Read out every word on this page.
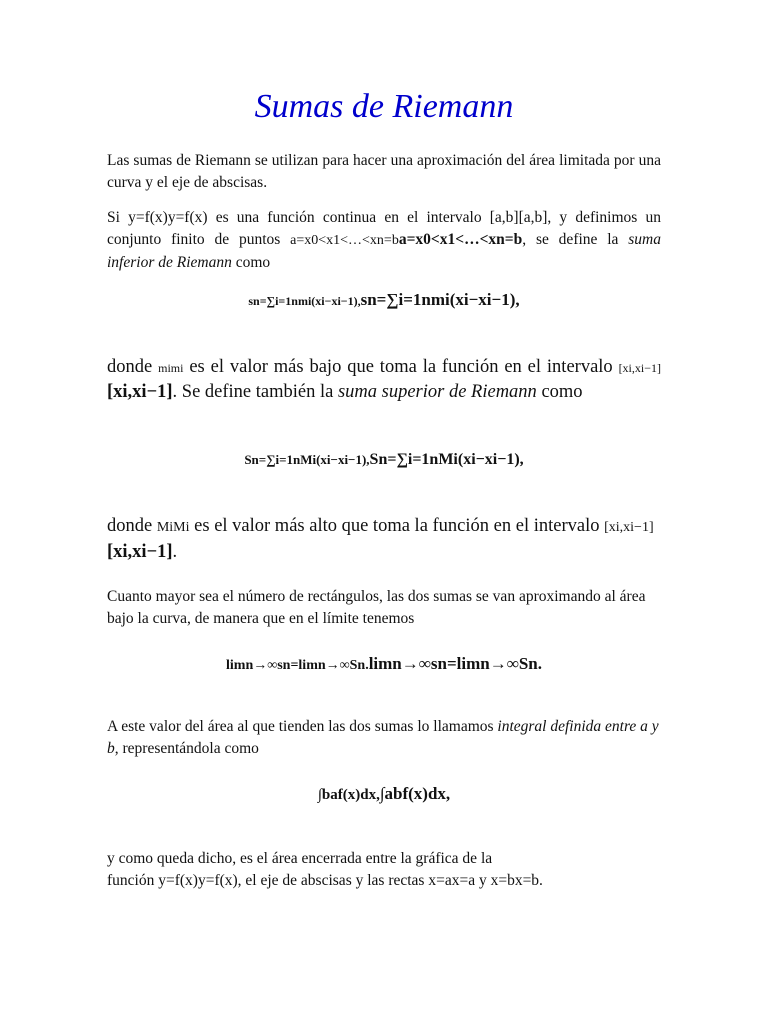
Sumas de Riemann

Las sumas de Riemann se utilizan para hacer una aproximación del área limitada por una curva y el eje de abscisas.

Si y=f(x)y=f(x) es una función continua en el intervalo [a,b][a,b], y definimos un conjunto finito de puntos a=x0<x1<…<xn=ba=x0<x1<…<xn=b, se define la suma inferior de Riemann como

sn=∑i=1nmi(xi−xi−1),sn=∑i=1nmi(xi−xi−1),

donde mimi es el valor más bajo que toma la función en el intervalo [xi,xi−1][xi,xi−1]. Se define también la suma superior de Riemann como

Sn=∑i=1nMi(xi−xi−1),Sn=∑i=1nMi(xi−xi−1),

donde MiMi es el valor más alto que toma la función en el intervalo [xi,xi−1][xi,xi−1].

Cuanto mayor sea el número de rectángulos, las dos sumas se van aproximando al área bajo la curva, de manera que en el límite tenemos

limn→∞sn=limn→∞Sn.limn→∞sn=limn→∞Sn.

A este valor del área al que tienden las dos sumas lo llamamos integral definida entre a y b, representándola como

∫baf(x)dx,∫abf(x)dx,

y como queda dicho, es el área encerrada entre la gráfica de la
función y=f(x)y=f(x), el eje de abscisas y las rectas x=ax=a y x=bx=b.
